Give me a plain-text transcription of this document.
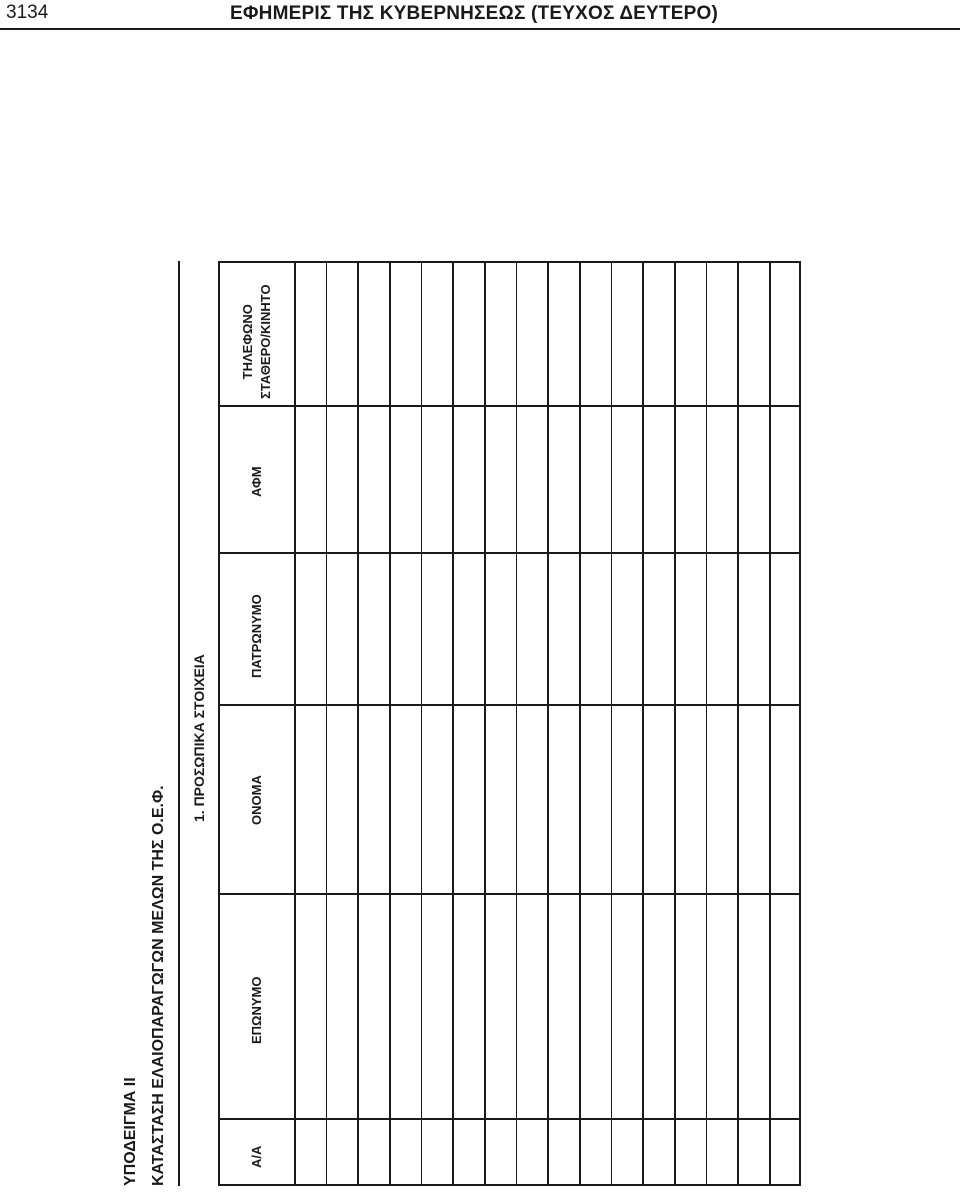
3134	ΕΦΗΜΕΡΙΣ ΤΗΣ ΚΥΒΕΡΝΗΣΕΩΣ (ΤΕΥΧΟΣ ΔΕΥΤΕΡΟ)
ΥΠΟΔΕΙΓΜΑ ΙΙ ΚΑΤΑΣΤΑΣΗ ΕΛΑΙΟΠΑΡΑΓΩΓΩΝ ΜΕΛΩΝ ΤΗΣ Ο.Ε.Φ.
1. ΠΡΟΣΩΠΙΚΑ ΣΤΟΙΧΕΙΑ
Α/Α
ΕΠΩΝΥΜΟ
ΟΝΟΜΑ
ΠΑΤΡΩΝΥΜΟ
ΑΦΜ
ΤΗΛΕΦΩΝΟ ΣΤΑΘΕΡΟ/ΚΙΝΗΤΟ
